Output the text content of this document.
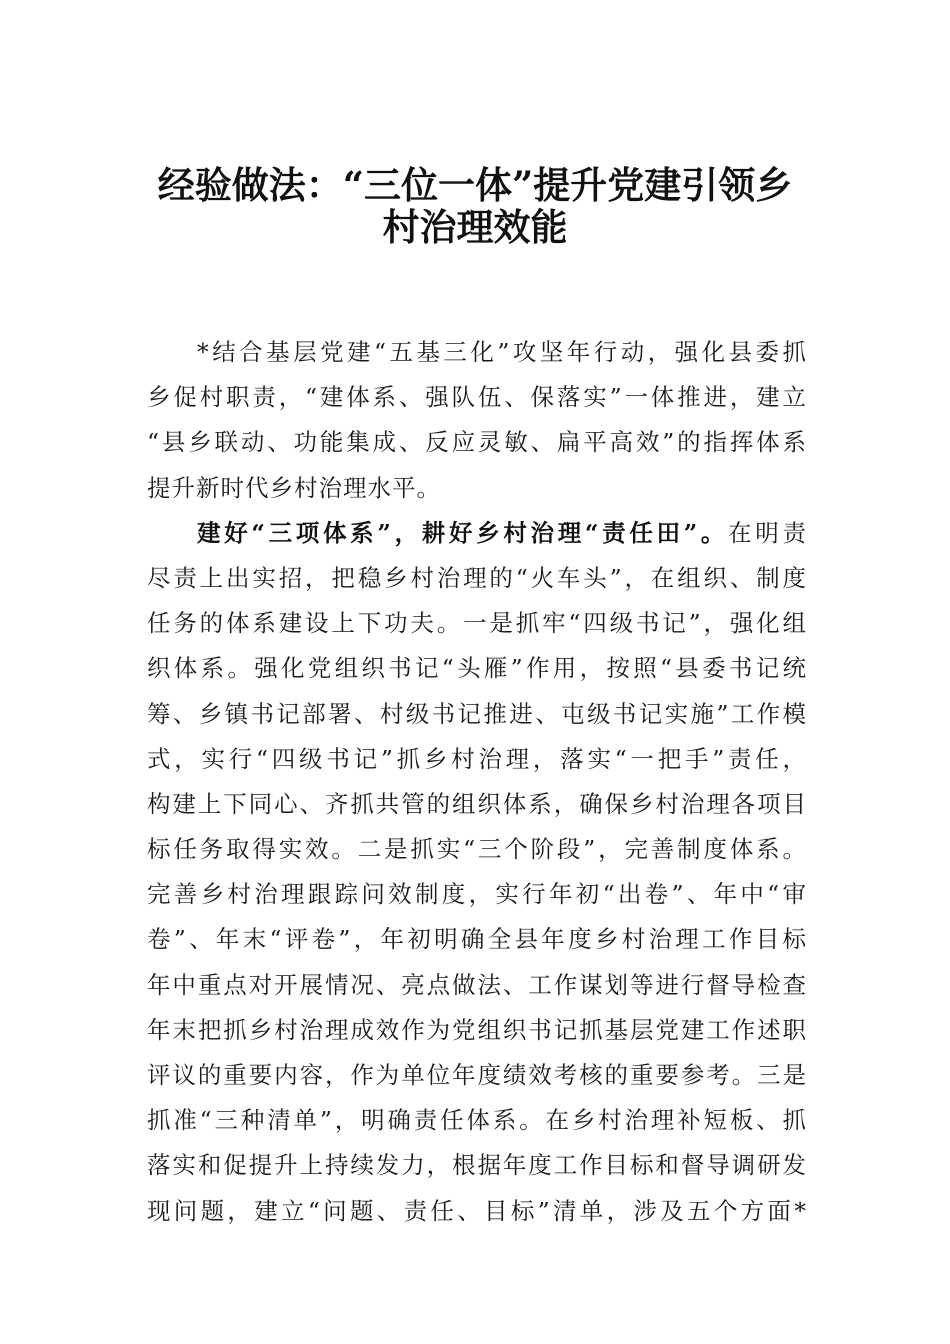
经验做法：“三位一体”提升党建引领乡
村治理效能
*结合基层党建“五基三化”攻坚年行动，强化县委抓
乡促村职责，“建体系、强队伍、保落实”一体推进，建立
“县乡联动、功能集成、反应灵敏、扁平高效”的指挥体系
提升新时代乡村治理水平。
建好“三项体系”，耕好乡村治理“责任田”。在明责
尽责上出实招，把稳乡村治理的“火车头”，在组织、制度
任务的体系建设上下功夫。一是抓牢“四级书记”，强化组
织体系。强化党组织书记“头雁”作用，按照“县委书记统
筹、乡镇书记部署、村级书记推进、屯级书记实施”工作模
式，实行“四级书记”抓乡村治理，落实“一把手”责任，
构建上下同心、齐抓共管的组织体系，确保乡村治理各项目
标任务取得实效。二是抓实“三个阶段”，完善制度体系。
完善乡村治理跟踪问效制度，实行年初“出卷”、年中“审
卷”、年末“评卷”，年初明确全县年度乡村治理工作目标
年中重点对开展情况、亮点做法、工作谋划等进行督导检查
年末把抓乡村治理成效作为党组织书记抓基层党建工作述职
评议的重要内容，作为单位年度绩效考核的重要参考。三是
抓准“三种清单”，明确责任体系。在乡村治理补短板、抓
落实和促提升上持续发力，根据年度工作目标和督导调研发
现问题，建立“问题、责任、目标”清单，涉及五个方面*
